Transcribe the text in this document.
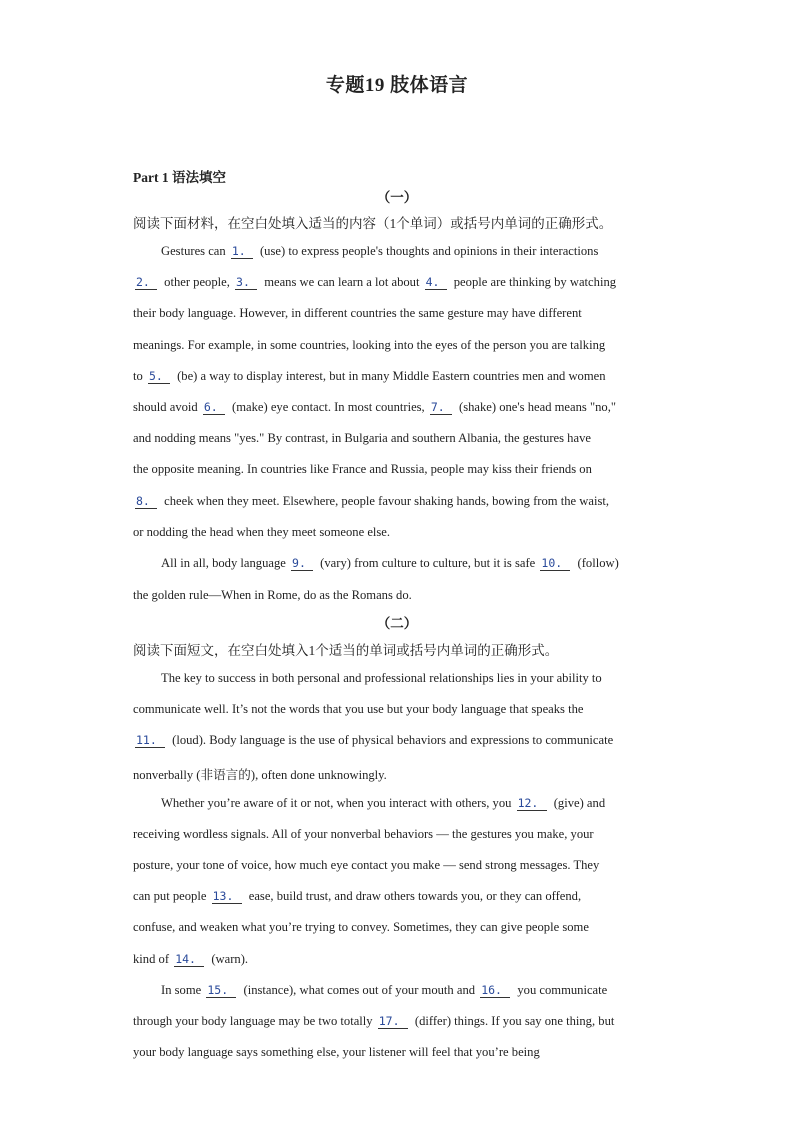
专题19 肢体语言
Part 1 语法填空
（一）
阅读下面材料，在空白处填入适当的内容（1个单词）或括号内单词的正确形式。
Gestures can 1. (use) to express people's thoughts and opinions in their interactions
2. other people, 3. means we can learn a lot about 4. people are thinking by watching
their body language. However, in different countries the same gesture may have different
meanings. For example, in some countries, looking into the eyes of the person you are talking
to 5. (be) a way to display interest, but in many Middle Eastern countries men and women
should avoid 6. (make) eye contact. In most countries, 7. (shake) one's head means "no,"
and nodding means "yes." By contrast, in Bulgaria and southern Albania, the gestures have
the opposite meaning. In countries like France and Russia, people may kiss their friends on
8. cheek when they meet. Elsewhere, people favour shaking hands, bowing from the waist,
or nodding the head when they meet someone else.
All in all, body language 9. (vary) from culture to culture, but it is safe 10. (follow)
the golden rule—When in Rome, do as the Romans do.
（二）
阅读下面短文，在空白处填入1个适当的单词或括号内单词的正确形式。
The key to success in both personal and professional relationships lies in your ability to
communicate well. It’s not the words that you use but your body language that speaks the
11. (loud). Body language is the use of physical behaviors and expressions to communicate
nonverbally (非语言的), often done unknowingly.
Whether you’re aware of it or not, when you interact with others, you 12. (give) and
receiving wordless signals. All of your nonverbal behaviors — the gestures you make, your
posture, your tone of voice, how much eye contact you make — send strong messages. They
can put people 13. ease, build trust, and draw others towards you, or they can offend,
confuse, and weaken what you’re trying to convey. Sometimes, they can give people some
kind of 14. (warn).
In some 15. (instance), what comes out of your mouth and 16. you communicate
through your body language may be two totally 17. (differ) things. If you say one thing, but
your body language says something else, your listener will feel that you’re being
